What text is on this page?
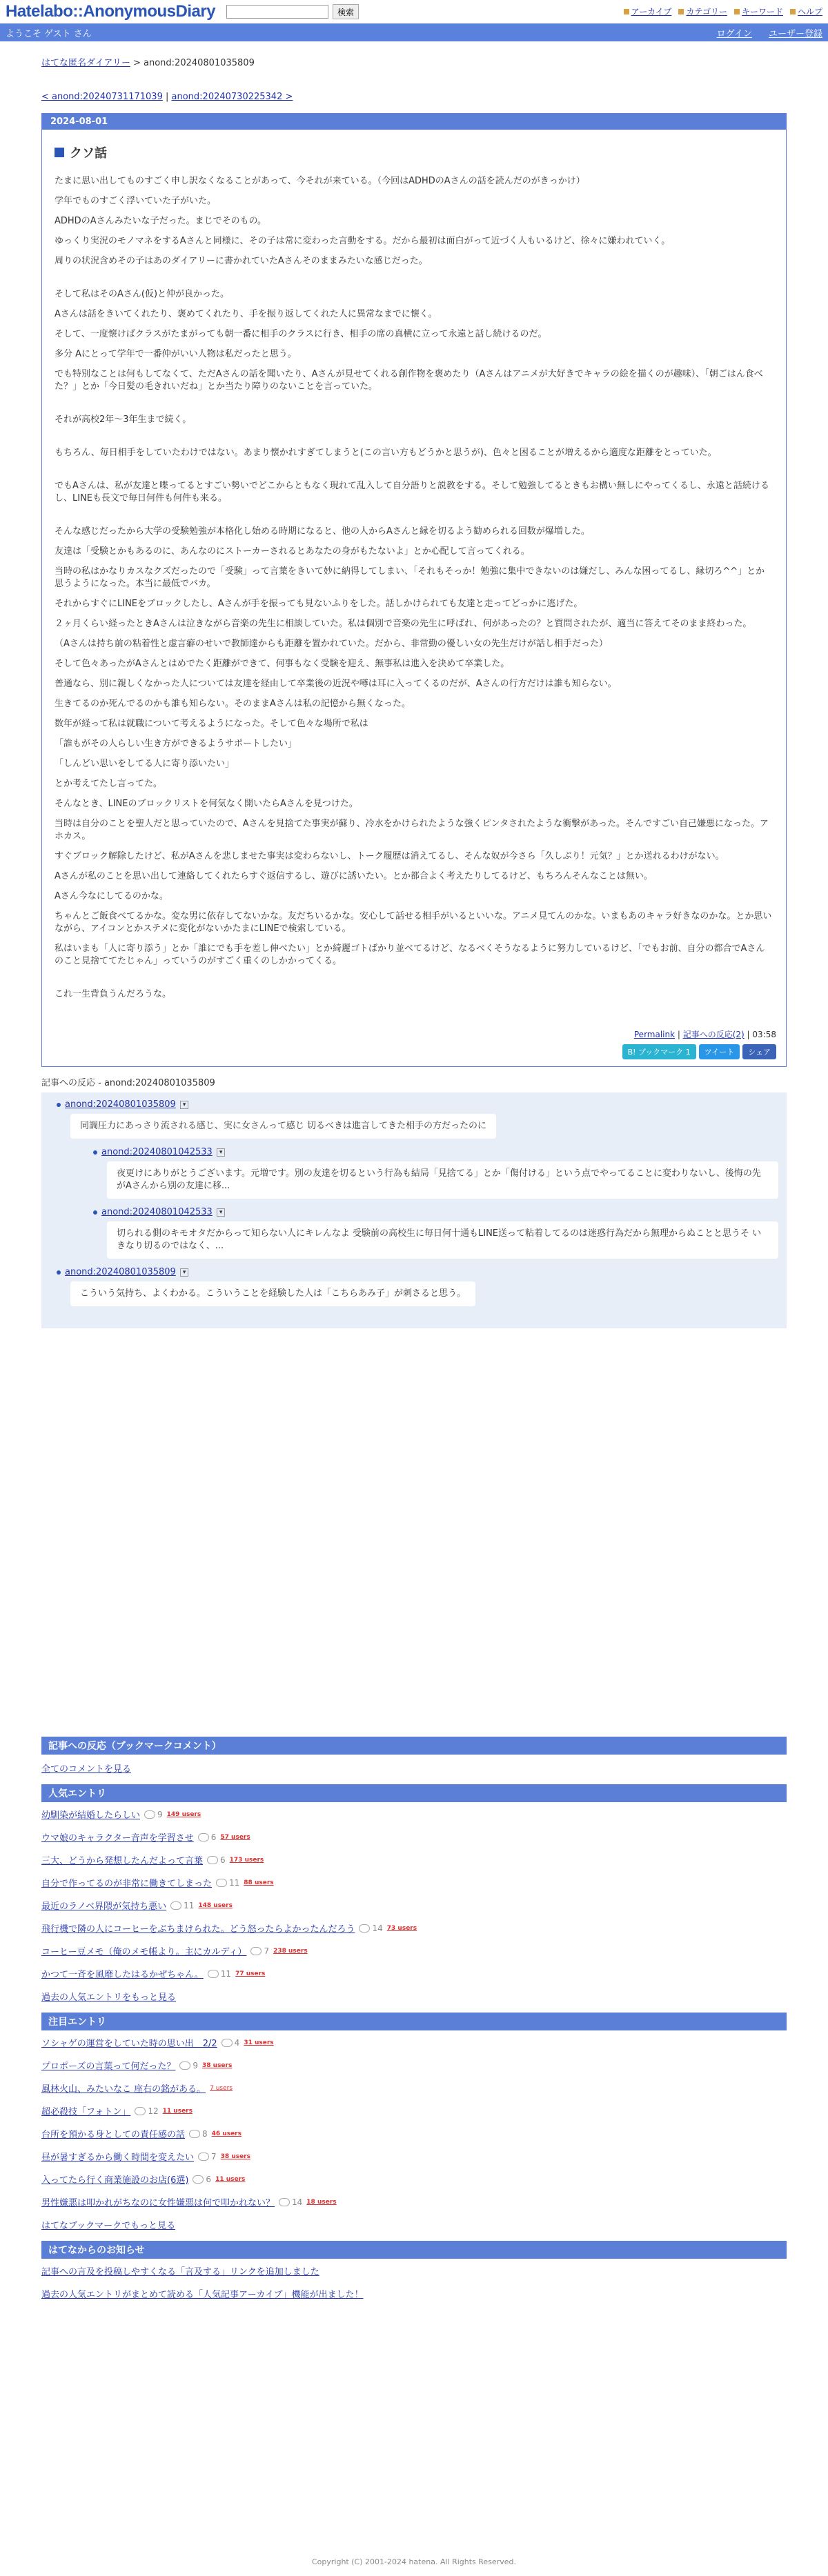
Hatelabo::AnonymousDiary	検索	アーカイブ カテゴリー キーワード ヘルプ
ようこそ ゲスト さん	ログイン ユーザー登録
はてな匿名ダイアリー > anond:20240801035809
< anond:20240731171039 | anond:20240730225342 >
2024-08-01
クソ話

たまに思い出してものすごく申し訳なくなることがあって、今それが来ている。（今回はADHDのAさんの話を読んだのがきっかけ）

学年でものすごく浮いていた子がいた。

ADHDのAさんみたいな子だった。まじでそのもの。

ゆっくり実況のモノマネをするAさんと同様に、その子は常に変わった言動をする。だから最初は面白がって近づく人もいるけど、徐々に嫌われていく。

周りの状況含めその子はあのダイアリーに書かれていたAさんそのままみたいな感じだった。

そして私はそのAさん(仮)と仲が良かった。

Aさんは話をきいてくれたり、褒めてくれたり、手を振り返してくれた人に異常なまでに懐く。

そして、一度懐けばクラスがたまがっても朝一番に相手のクラスに行き、相手の席の真横に立って永遠と話し続けるのだ。

多分 Aにとって学年で一番仲がいい人物は私だったと思う。

でも特別なことは何もしてなくて、ただAさんの話を聞いたり、Aさんが見せてくれる創作物を褒めたり（Aさんはアニメが大好きでキャラの絵を描くのが趣味）、「朝ごはん食べた？」とか「今日髪の毛きれいだね」とか当たり障りのないことを言っていた。

それが高校2年〜3年生まで続く。

もちろん、毎日相手をしていたわけではない。あまり懐かれすぎてしまうと(この言い方もどうかと思うが)、色々と困ることが増えるから適度な距離をとっていた。

でもAさんは、私が友達と喋ってるとすごい勢いでどこからともなく現れて乱入して自分語りと説教をする。そして勉強してるときもお構い無しにやってくるし、永遠と話続けるし、LINEも長文で毎日何件も何件も来る。

そんな感じだったから大学の受験勉強が本格化し始める時期になると、他の人からAさんと縁を切るよう勧められる回数が爆増した。

友達は「受験とかもあるのに、あんなのにストーカーされるとあなたの身がもたないよ」とか心配して言ってくれる。

当時の私はかなりカスなクズだったので「受験」って言葉をきいて妙に納得してしまい、「それもそっか！勉強に集中できないのは嫌だし、みんな困ってるし、縁切ろ^^」とか思うようになった。本当に最低でバカ。

それからすぐにLINEをブロックしたし、Aさんが手を振っても見ないふりをした。話しかけられても友達と走ってどっかに逃げた。

２ヶ月くらい経ったときAさんは泣きながら音楽の先生に相談していた。私は個別で音楽の先生に呼ばれ、何があったの？と質問されたが、適当に答えてそのまま終わった。

（Aさんは持ち前の粘着性と虚言癖のせいで教師達からも距離を置かれていた。だから、非常勤の優しい女の先生だけが話し相手だった）

そして色々あったがAさんとはめでたく距離ができて、何事もなく受験を迎え、無事私は進入を決めて卒業した。

普通なら、別に親しくなかった人については友達を経由して卒業後の近況や噂は耳に入ってくるのだが、Aさんの行方だけは誰も知らない。

生きてるのか死んでるのかも誰も知らない。そのままAさんは私の記憶から無くなった。

数年が経って私は就職について考えるようになった。そして色々な場所で私は

「誰もがその人らしい生き方ができるようサポートしたい」

「しんどい思いをしてる人に寄り添いたい」

とか考えてたし言ってた。

そんなとき、LINEのブロックリストを何気なく開いたらAさんを見つけた。

当時は自分のことを聖人だと思っていたので、Aさんを見捨てた事実が蘇り、冷水をかけられたような強くピンタされたような衝撃があった。そんですごい自己嫌悪になった。アホカス。

すぐブロック解除したけど、私がAさんを悲しませた事実は変わらないし、トーク履歴は消えてるし、そんな奴が今さら「久しぶり！元気？」とか送れるわけがない。

Aさんが私のことを思い出して連絡してくれたらすぐ返信するし、遊びに誘いたい。とか都合よく考えたりしてるけど、もちろんそんなことは無い。

Aさん今なにしてるのかな。

ちゃんとご飯食べてるかな。変な男に依存してないかな。友だちいるかな。安心して話せる相手がいるといいな。アニメ見てんのかな。いまもあのキャラ好きなのかな。とか思いながら、アイコンとかステメに変化がないかたまにLINEで検索している。

私はいまも「人に寄り添う」とか「誰にでも手を差し伸べたい」とか綺麗ゴトばかり並べてるけど、なるべくそうなるように努力しているけど、「でもお前、自分の都合でAさんのこと見捨ててたじゃん」っていうのがすごく重くのしかかってくる。

これ一生背負うんだろうな。

Permalink | 記事への反応(2) | 03:58
B! ブックマーク 1	ツイート	シェア
記事への反応 - anond:20240801035809
anond:20240801035809	▾
同調圧力にあっさり流される感じ、実に女さんって感じ 切るべきは進言してきた相手の方だったのに
anond:20240801042533	▾
夜更けにありがとうございます。元増です。別の友達を切るという行為も結局「見捨てる」とか「傷付ける」という点でやってることに変わりないし、後悔の先がAさんから別の友達に移...
anond:20240801042533	▾
切られる側のキモオタだからって知らない人にキレんなよ 受験前の高校生に毎日何十通もLINE送って粘着してるのは迷惑行為だから無理からぬことと思うそ いきなり切るのではなく、...
anond:20240801035809	▾
こういう気持ち、よくわかる。こういうことを経験した人は「こちらあみ子」が刺さると思う。
記事への反応（ブックマークコメント）
全てのコメントを見る
人気エントリ
幼馴染が結婚したらしい 9 149 users
ウマ娘のキャラクター音声を学習させ 6 57 users
三大、どうから発想したんだよって言葉 6 173 users
自分で作ってるのが非常に働きてしまった 11 88 users
最近のラノベ界隈が気持ち悪い 11 148 users
飛行機で隣の人にコーヒーをぶちまけられた。どう怒ったらよかったんだろう 14 73 users
コーヒー豆メモ（俺のメモ帳より。主にカルディ） 7 238 users
かつて一斉を風靡したはるかぜちゃん。 11 77 users
過去の人気エントリをもっと見る
注目エントリ
ソシャゲの運営をしていた時の思い出　2/2 4 31 users
プロポーズの言葉って何だった？ 9 38 users
風林火山、みたいなこ 座右の銘がある。 7 users
超必殺技「フォトン」 12 11 users
台所を預かる身としての責任感の話 8 46 users
昼が暑すぎるから働く時間を変えたい 7 38 users
入ってたら行く商業施設のお店(6選) 6 11 users
男性嫌悪は叩かれがちなのに女性嫌悪は何で叩かれない？ 14 18 users
はてなブックマークでもっと見る
はてなからのお知らせ
記事への言及を投稿しやすくなる「言及する」リンクを追加しました
過去の人気エントリがまとめて読める「人気記事アーカイブ」機能が出ました！
Copyright (C) 2001-2024 hatena. All Rights Reserved.
